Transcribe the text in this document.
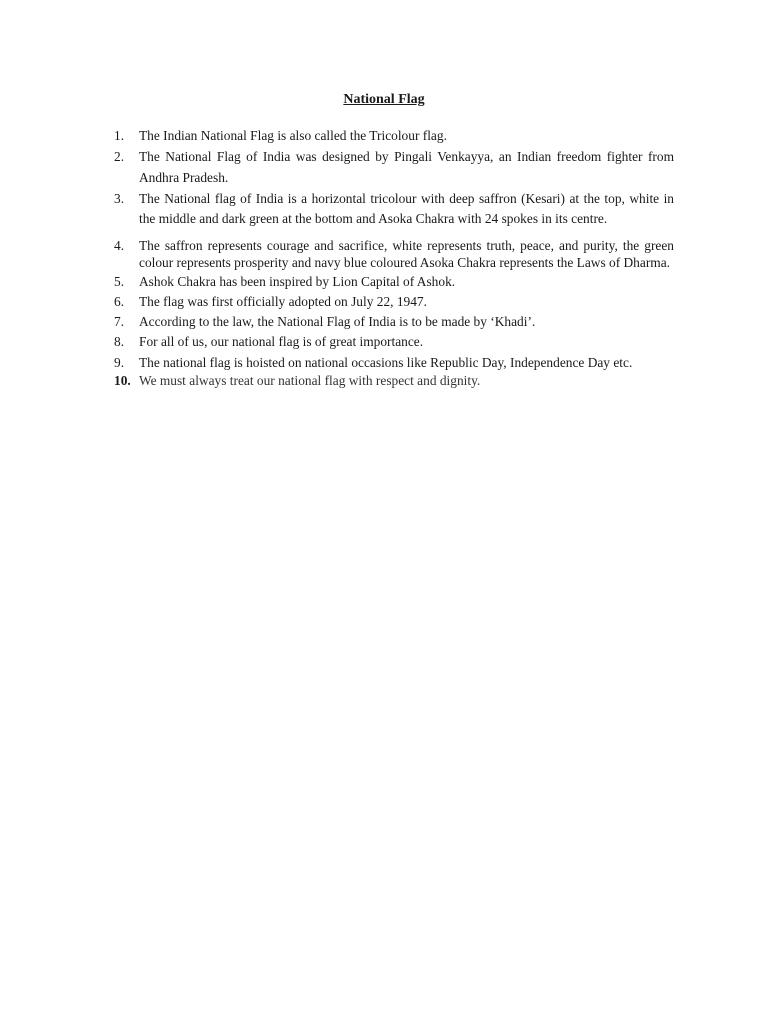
National Flag
1.	The Indian National Flag is also called the Tricolour flag.
2.	The National Flag of India was designed by Pingali Venkayya, an Indian freedom fighter from Andhra Pradesh.
3.	The National flag of India is a horizontal tricolour with deep saffron (Kesari) at the top, white in the middle and dark green at the bottom and Asoka Chakra with 24 spokes in its centre.
4.	The saffron represents courage and sacrifice, white represents truth, peace, and purity, the green colour represents prosperity and navy blue coloured Asoka Chakra represents the Laws of Dharma.
5.	Ashok Chakra has been inspired by Lion Capital of Ashok.
6.	The flag was first officially adopted on July 22, 1947.
7.	According to the law, the National Flag of India is to be made by ‘Khadi’.
8.	For all of us, our national flag is of great importance.
9.	The national flag is hoisted on national occasions like Republic Day, Independence Day etc.
10. We must always treat our national flag with respect and dignity.
